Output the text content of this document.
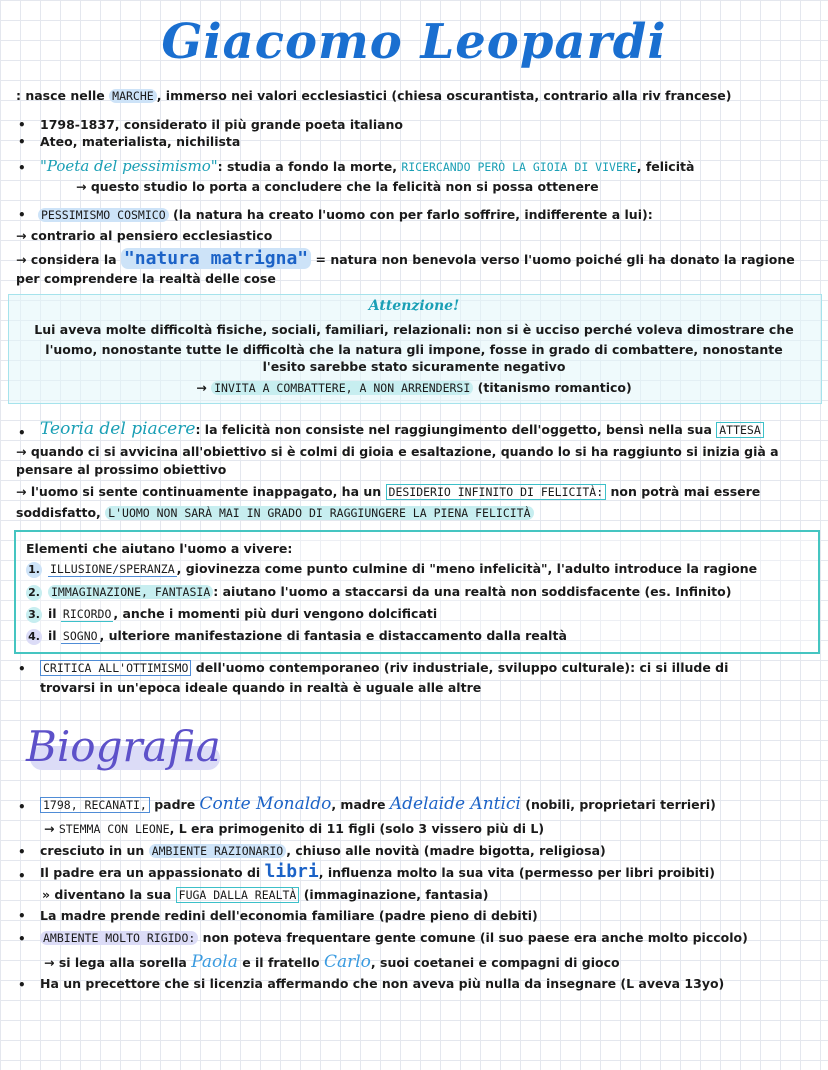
Giacomo Leopardi
: nasce nelle MARCHE , immerso nei valori ecclesiastici (chiesa oscurantista, contrario alla riv francese)
• 1798-1837, considerato il più grande poeta italiano
• Ateo, materialista, nichilista
• "Poeta del pessimismo": studia a fondo la morte, RICERCANDO PERÒ LA GIOIA DI VIVERE, felicità
→ questo studio lo porta a concludere che la felicità non si possa ottenere
• PESSIMISMO COSMICO (la natura ha creato l'uomo con per farlo soffrire, indifferente a lui):
→ contrario al pensiero ecclesiastico
→ considera la "natura matrigna" = natura non benevola verso l'uomo poiché gli ha donato la ragione
per comprendere la realtà delle cose
Attenzione!
Lui aveva molte difficoltà fisiche, sociali, familiari, relazionali: non si è ucciso perché voleva dimostrare che
l'uomo, nonostante tutte le difficoltà che la natura gli impone, fosse in grado di combattere, nonostante
l'esito sarebbe stato sicuramente negativo
→ INVITA A COMBATTERE, A NON ARRENDERSI (titanismo romantico)
• Teoria del piacere: la felicità non consiste nel raggiungimento dell'oggetto, bensì nella sua ATTESA
→ quando ci si avvicina all'obiettivo si è colmi di gioia e esaltazione, quando lo si ha raggiunto si inizia già a
pensare al prossimo obiettivo
→ l'uomo si sente continuamente inappagato, ha un DESIDERIO INFINITO DI FELICITÀ: non potrà mai essere
soddisfatto, L'UOMO NON SARÀ MAI IN GRADO DI RAGGIUNGERE LA PIENA FELICITÀ
Elementi che aiutano l'uomo a vivere:
1. ILLUSIONE/SPERANZA , giovinezza come punto culmine di "meno infelicità", l'adulto introduce la ragione
2. IMMAGINAZIONE, FANTASIA : aiutano l'uomo a staccarsi da una realtà non soddisfacente (es. Infinito)
3. il RICORDO , anche i momenti più duri vengono dolcificati
4. il SOGNO , ulteriore manifestazione di fantasia e distaccamento dalla realtà
• CRITICA ALL'OTTIMISMO dell'uomo contemporaneo (riv industriale, sviluppo culturale): ci si illude di
trovarsi in un'epoca ideale quando in realtà è uguale alle altre
Biografia
• 1798, RECANATI, padre Conte Monaldo, madre Adelaide Antici (nobili, proprietari terrieri)
→ STEMMA CON LEONE, L era primogenito di 11 figli (solo 3 vissero più di L)
• cresciuto in un AMBIENTE RAZIONARIO , chiuso alle novità (madre bigotta, religiosa)
• Il padre era un appassionato di libri, influenza molto la sua vita (permesso per libri proibiti)
» diventano la sua FUGA DALLA REALTÀ (immaginazione, fantasia)
• La madre prende redini dell'economia familiare (padre pieno di debiti)
• AMBIENTE MOLTO RIGIDO: non poteva frequentare gente comune (il suo paese era anche molto piccolo)
→ si lega alla sorella Paola e il fratello Carlo, suoi coetanei e compagni di gioco
• Ha un precettore che si licenzia affermando che non aveva più nulla da insegnare (L aveva 13yo)
